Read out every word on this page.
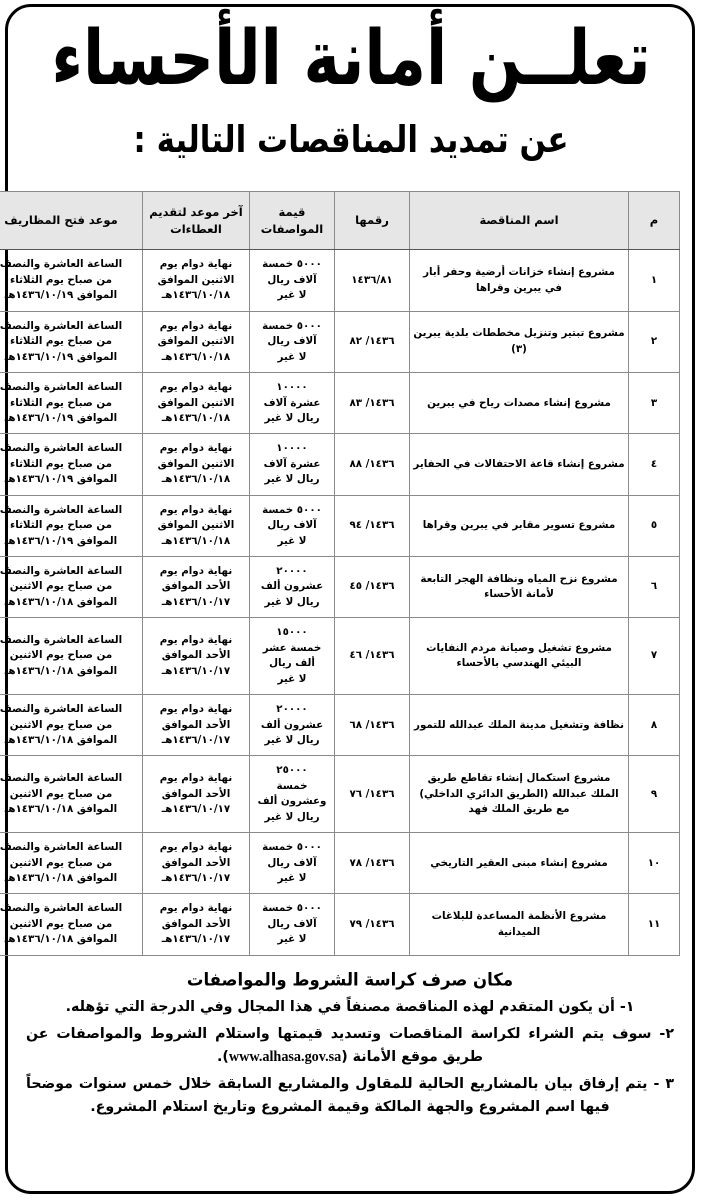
تعلــن أمانة الأحساء
عن تمديد المناقصات التالية :
م	اسم المناقصة	رقمها	قيمة المواصفات	آخر موعد لتقديم العطاءات	موعد فتح المظاريف
١	مشروع إنشاء خزانات أرضية وحفر أبار في يبرين وقراها	١٤٣٦/٨١	٥٠٠٠ خمسة
آلاف ريال
لا غير	نهاية دوام يوم
الاثنين الموافق
١٤٣٦/١٠/١٨هـ	الساعة العاشرة والنصف
من صباح يوم الثلاثاء
الموافق ١٤٣٦/١٠/١٩هـ

٢	مشروع تبتير وتنزيل مخططات بلدية يبرين (٣)	١٤٣٦/ ٨٢	٥٠٠٠ خمسة
آلاف ريال
لا غير	نهاية دوام يوم
الاثنين الموافق
١٤٣٦/١٠/١٨هـ	الساعة العاشرة والنصف
من صباح يوم الثلاثاء
الموافق ١٤٣٦/١٠/١٩هـ

٣	مشروع إنشاء مصدات رياح في يبرين	١٤٣٦/ ٨٣	١٠٠٠٠
عشرة آلاف
ريال لا غير	نهاية دوام يوم
الاثنين الموافق
١٤٣٦/١٠/١٨هـ	الساعة العاشرة والنصف
من صباح يوم الثلاثاء
الموافق ١٤٣٦/١٠/١٩هـ

٤	مشروع إنشاء قاعة الاحتفالات في الحفاير	١٤٣٦/ ٨٨	١٠٠٠٠
عشرة آلاف
ريال لا غير	نهاية دوام يوم
الاثنين الموافق
١٤٣٦/١٠/١٨هـ	الساعة العاشرة والنصف
من صباح يوم الثلاثاء
الموافق ١٤٣٦/١٠/١٩هـ

٥	مشروع تسوير مقابر في يبرين وقراها	١٤٣٦/ ٩٤	٥٠٠٠ خمسة
آلاف ريال
لا غير	نهاية دوام يوم
الاثنين الموافق
١٤٣٦/١٠/١٨هـ	الساعة العاشرة والنصف
من صباح يوم الثلاثاء
الموافق ١٤٣٦/١٠/١٩هـ

٦	مشروع نزح المياه ونظافة الهجر التابعة لأمانة الأحساء	١٤٣٦/ ٤٥	٢٠٠٠٠
عشرون ألف
ريال لا غير	نهاية دوام يوم
الأحد الموافق
١٤٣٦/١٠/١٧هـ	الساعة العاشرة والنصف
من صباح يوم الاثنين
الموافق ١٤٣٦/١٠/١٨هـ

٧	مشروع تشغيل وصيانة مردم النفايات البيئي الهندسي بالأحساء	١٤٣٦/ ٤٦	١٥٠٠٠
خمسة عشر
ألف ريال
لا غير	نهاية دوام يوم
الأحد الموافق
١٤٣٦/١٠/١٧هـ	الساعة العاشرة والنصف
من صباح يوم الاثنين
الموافق ١٤٣٦/١٠/١٨هـ

٨	نظافة وتشغيل مدينة الملك عبدالله للتمور	١٤٣٦/ ٦٨	٢٠٠٠٠
عشرون ألف
ريال لا غير	نهاية دوام يوم
الأحد الموافق
١٤٣٦/١٠/١٧هـ	الساعة العاشرة والنصف
من صباح يوم الاثنين
الموافق ١٤٣٦/١٠/١٨هـ

٩	مشروع استكمال إنشاء تقاطع طريق الملك عبدالله (الطريق الدائري الداخلي) مع طريق الملك فهد	١٤٣٦/ ٧٦	٢٥٠٠٠
خمسة
وعشرون ألف
ريال لا غير	نهاية دوام يوم
الأحد الموافق
١٤٣٦/١٠/١٧هـ	الساعة العاشرة والنصف
من صباح يوم الاثنين
الموافق ١٤٣٦/١٠/١٨هـ

١٠	مشروع إنشاء مبنى العقير التاريخي	١٤٣٦/ ٧٨	٥٠٠٠ خمسة
آلاف ريال
لا غير	نهاية دوام يوم
الأحد الموافق
١٤٣٦/١٠/١٧هـ	الساعة العاشرة والنصف
من صباح يوم الاثنين
الموافق ١٤٣٦/١٠/١٨هـ

١١	مشروع الأنظمة المساعدة للبلاغات الميدانية	١٤٣٦/ ٧٩	٥٠٠٠ خمسة
آلاف ريال
لا غير	نهاية دوام يوم
الأحد الموافق
١٤٣٦/١٠/١٧هـ	الساعة العاشرة والنصف
من صباح يوم الاثنين
الموافق ١٤٣٦/١٠/١٨هـ
مكان صرف كراسة الشروط والمواصفات
١- أن يكون المتقدم لهذه المناقصة مصنفاً في هذا المجال وفي الدرجة التي تؤهله.
٢- سوف يتم الشراء لكراسة المناقصات وتسديد قيمتها واستلام الشروط والمواصفات عن طريق موقع الأمانة (www.alhasa.gov.sa).
٣ - يتم إرفاق بيان بالمشاريع الحالية للمقاول والمشاريع السابقة خلال خمس سنوات موضحاً فيها اسم المشروع والجهة المالكة وقيمة المشروع وتاريخ استلام المشروع.
